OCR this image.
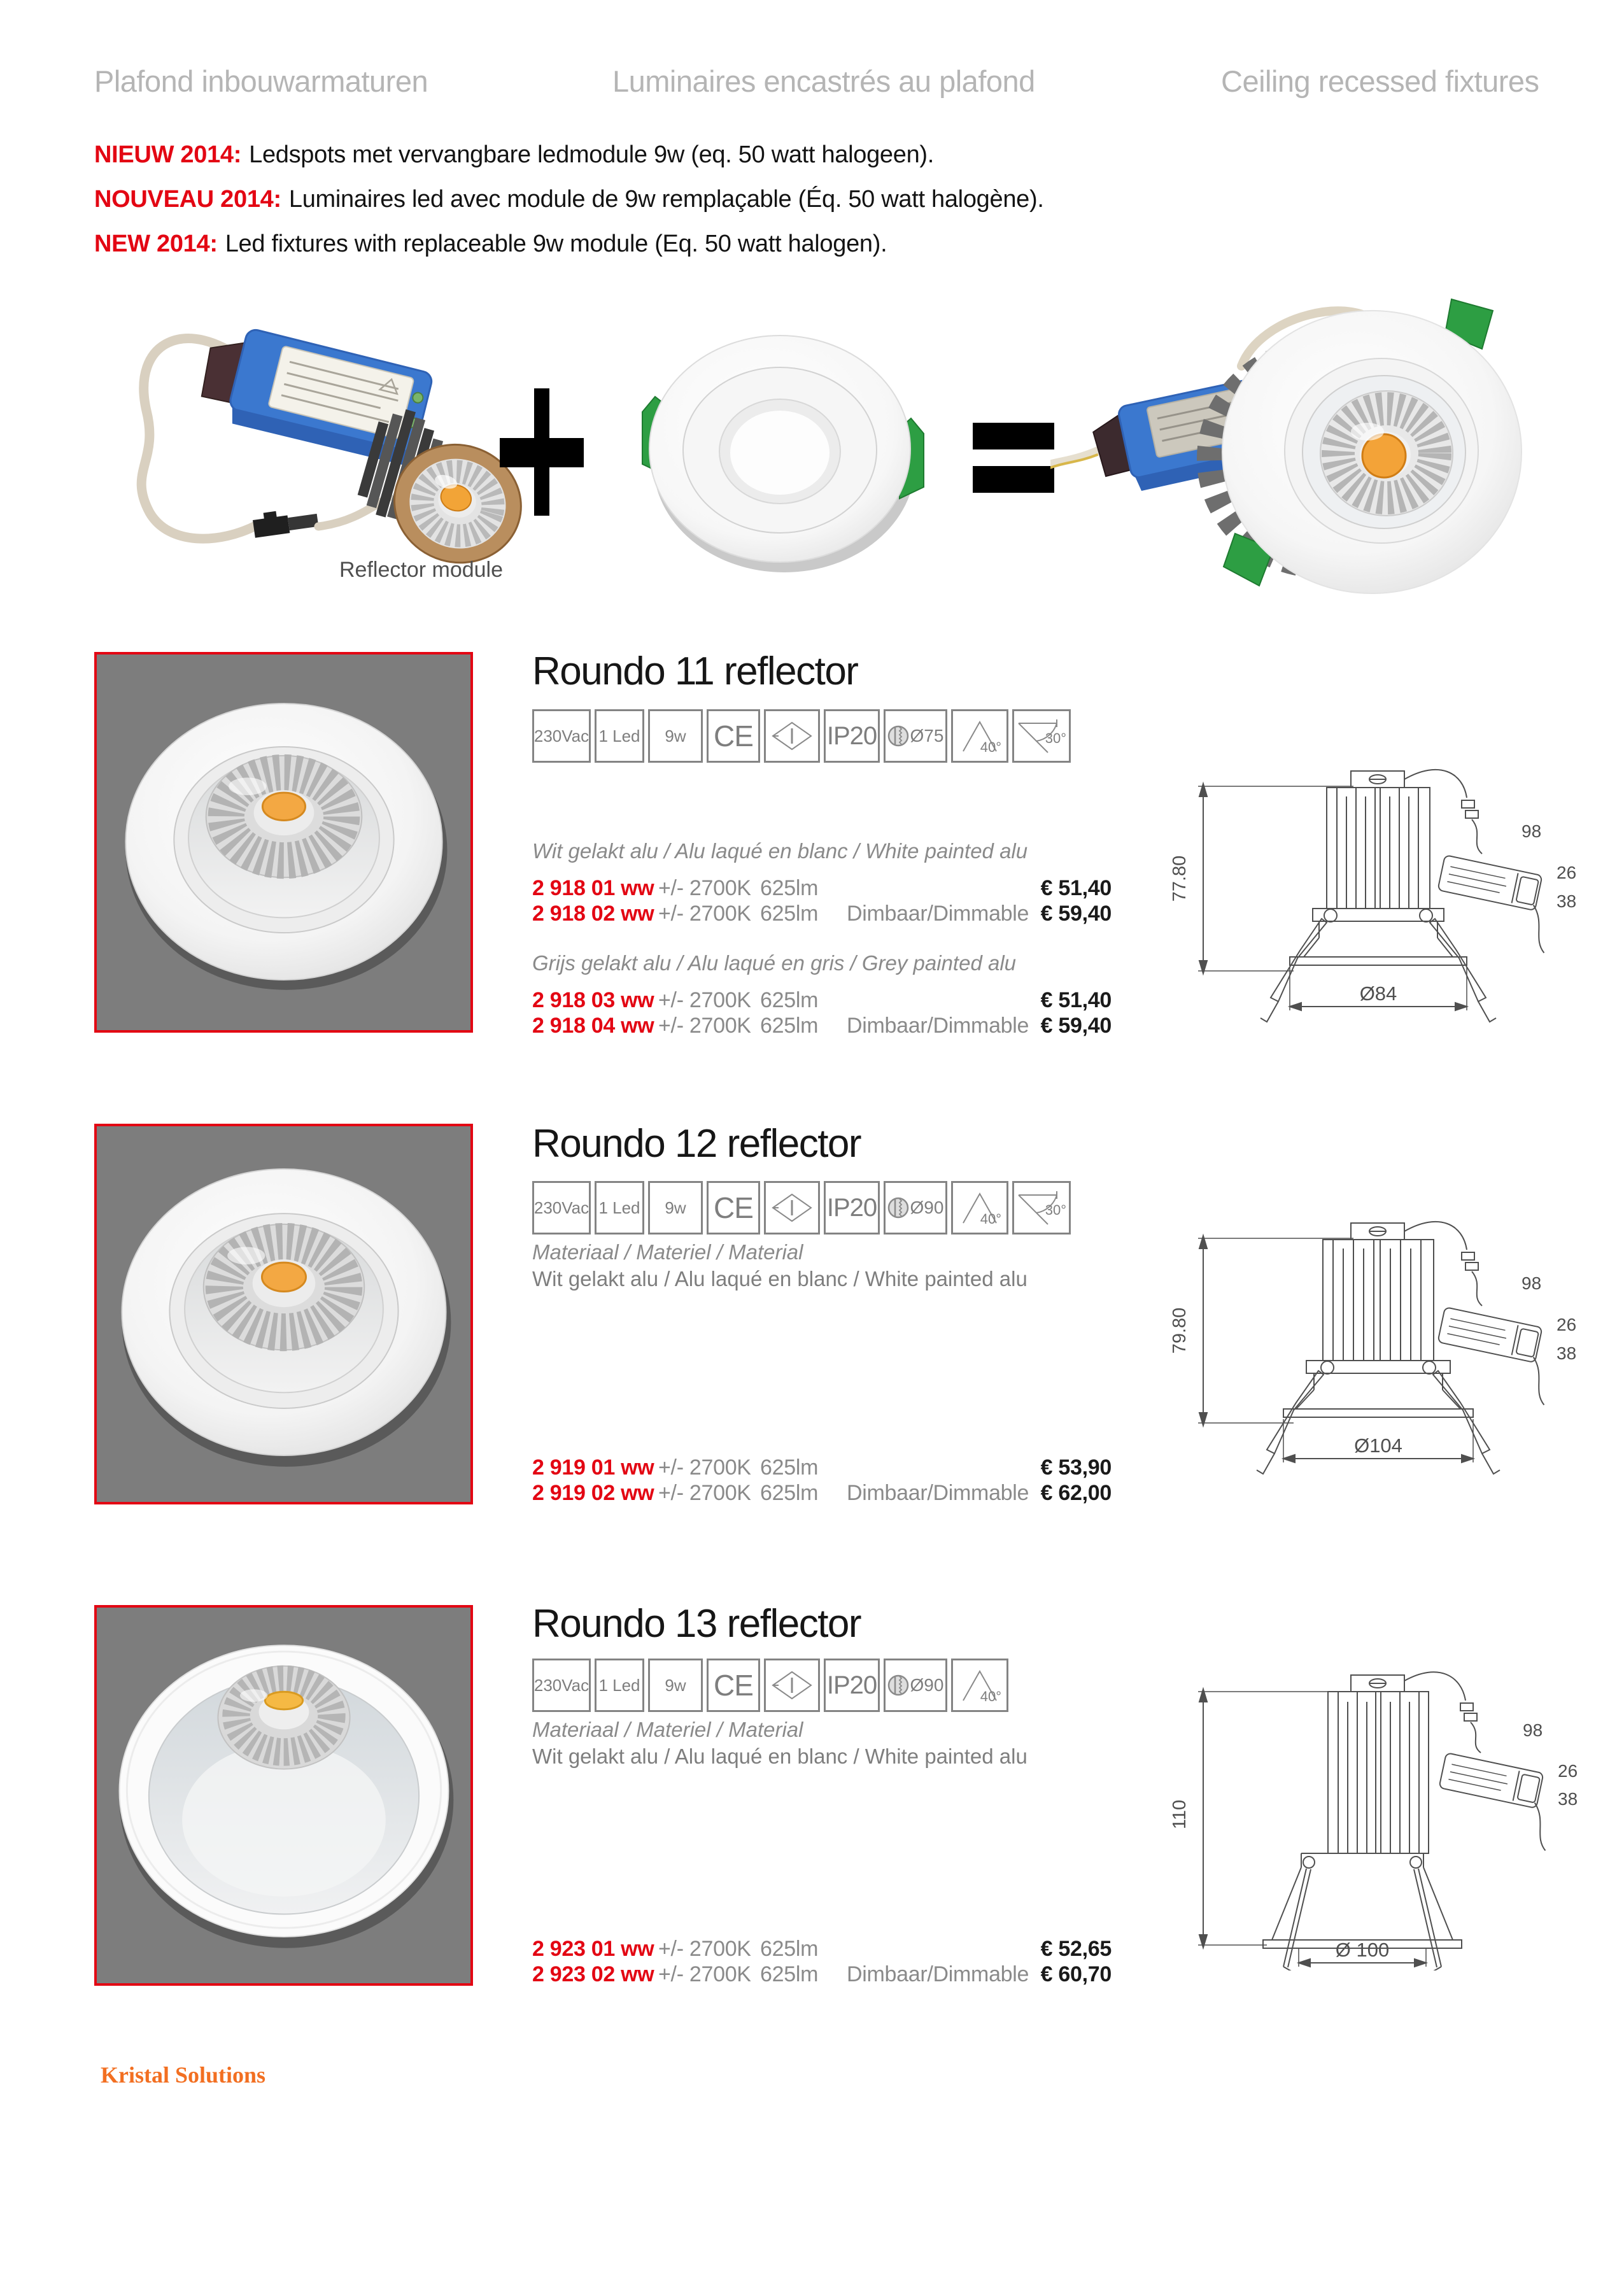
Plafond inbouwarmaturen	Luminaires encastrés au plafond	Ceiling recessed fixtures
NIEUW 2014: Ledspots met vervangbare ledmodule 9w (eq. 50 watt halogeen).
NOUVEAU 2014: Luminaires led avec module de 9w remplaçable (Éq. 50 watt halogène).
NEW 2014: Led fixtures with replaceable 9w module (Eq. 50 watt halogen).
Reflector module
Roundo 11 reflector
230Vac 1 Led	9w CE	IP20 Ø75
40°
30°
Wit gelakt alu / Alu laqué en blanc / White painted alu
2 918 01 ww +/- 2700K 625lm	€ 51,40
2 918 02 ww +/- 2700K 625lm	Dimbaar/Dimmable € 59,40
Grijs gelakt alu / Alu laqué en gris / Grey painted alu
2 918 03 ww +/- 2700K 625lm	€ 51,40
2 918 04 ww +/- 2700K 625lm	Dimbaar/Dimmable € 59,40
77.80
Ø84
98
26
38
Roundo 12 reflector
230Vac 1 Led	9w CE	IP20 Ø90
40°
30°
Materiaal / Materiel / Material
Wit gelakt alu / Alu laqué en blanc / White painted alu
2 919 01 ww +/- 2700K 625lm	€ 53,90
2 919 02 ww +/- 2700K 625lm	Dimbaar/Dimmable € 62,00
79.80
Ø104
98
26
38
Roundo 13 reflector
230Vac 1 Led	9w CE	IP20 Ø90
40°
Materiaal / Materiel / Material
Wit gelakt alu / Alu laqué en blanc / White painted alu
2 923 01 ww +/- 2700K 625lm	€ 52,65
2 923 02 ww +/- 2700K 625lm	Dimbaar/Dimmable € 60,70
110
Ø 100
98
26
38
Kristal Solutions
